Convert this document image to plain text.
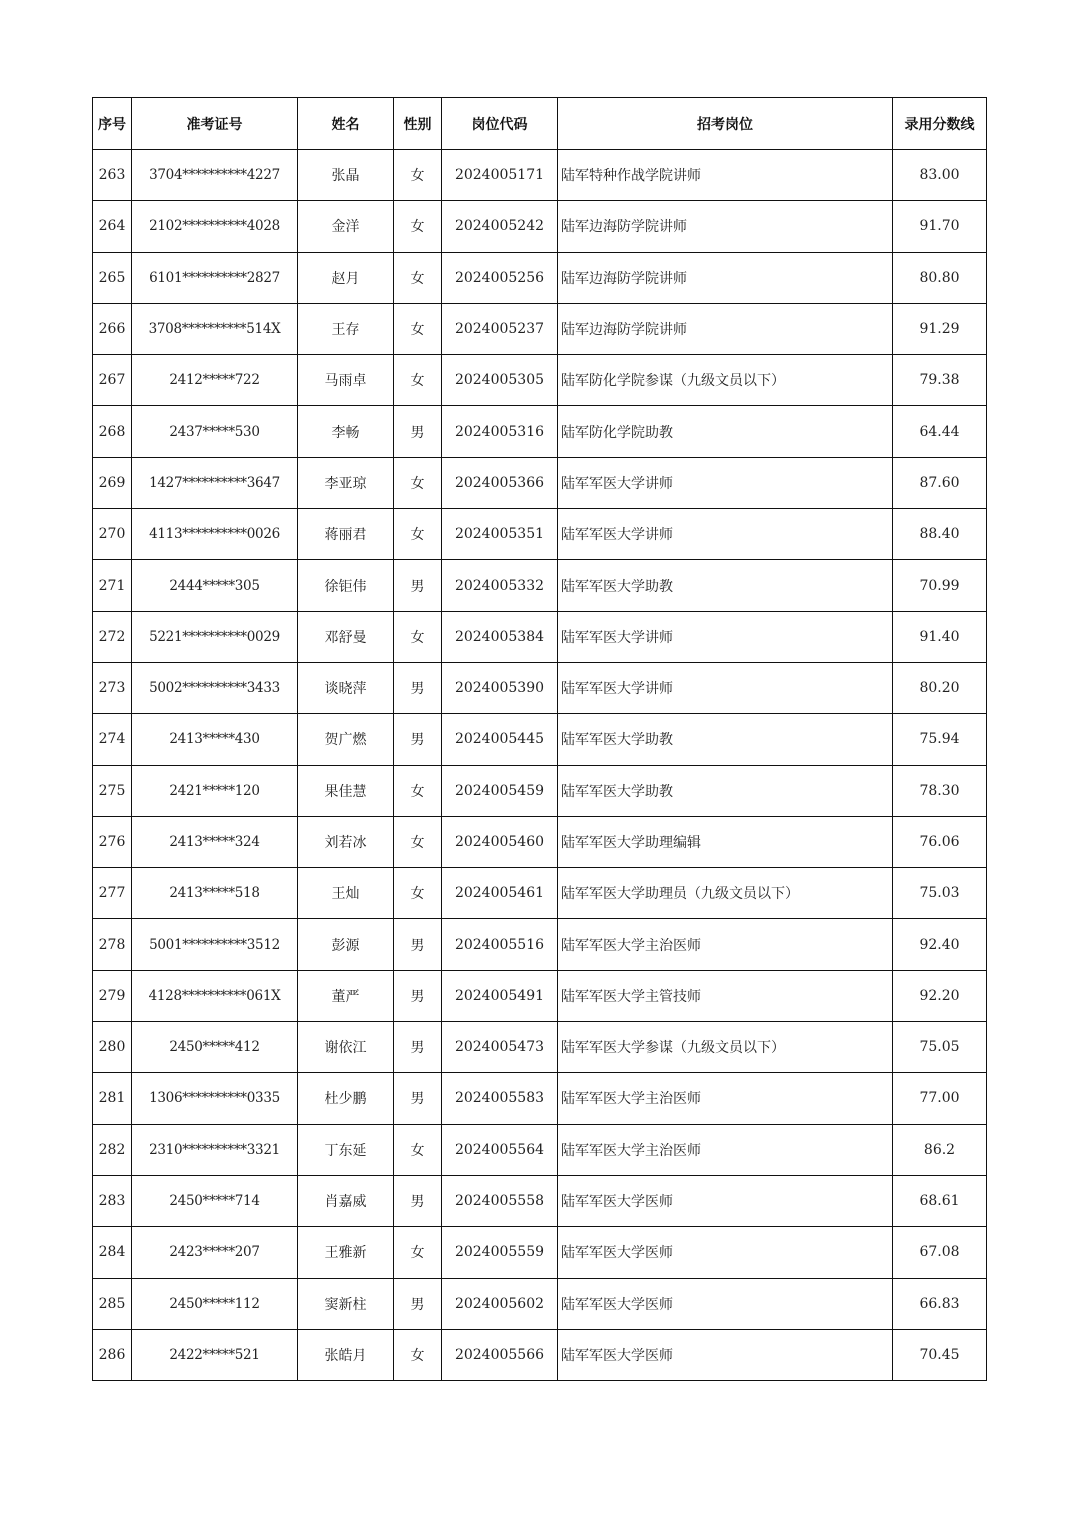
序号	准考证号	姓名	性别	岗位代码	招考岗位	录用分数线
263	3704**********4227	张晶	女	2024005171	陆军特种作战学院讲师	83.00
264	2102**********4028	金洋	女	2024005242	陆军边海防学院讲师	91.70
265	6101**********2827	赵月	女	2024005256	陆军边海防学院讲师	80.80
266	3708**********514X	王存	女	2024005237	陆军边海防学院讲师	91.29
267	2412*****722	马雨卓	女	2024005305	陆军防化学院参谋（九级文员以下）	79.38
268	2437*****530	李畅	男	2024005316	陆军防化学院助教	64.44
269	1427**********3647	李亚琼	女	2024005366	陆军军医大学讲师	87.60
270	4113**********0026	蒋丽君	女	2024005351	陆军军医大学讲师	88.40
271	2444*****305	徐钜伟	男	2024005332	陆军军医大学助教	70.99
272	5221**********0029	邓舒曼	女	2024005384	陆军军医大学讲师	91.40
273	5002**********3433	谈晓萍	男	2024005390	陆军军医大学讲师	80.20
274	2413*****430	贺广燃	男	2024005445	陆军军医大学助教	75.94
275	2421*****120	果佳慧	女	2024005459	陆军军医大学助教	78.30
276	2413*****324	刘若冰	女	2024005460	陆军军医大学助理编辑	76.06
277	2413*****518	王灿	女	2024005461	陆军军医大学助理员（九级文员以下）	75.03
278	5001**********3512	彭源	男	2024005516	陆军军医大学主治医师	92.40
279	4128**********061X	董严	男	2024005491	陆军军医大学主管技师	92.20
280	2450*****412	谢依江	男	2024005473	陆军军医大学参谋（九级文员以下）	75.05
281	1306**********0335	杜少鹏	男	2024005583	陆军军医大学主治医师	77.00
282	2310**********3321	丁东延	女	2024005564	陆军军医大学主治医师	86.2
283	2450*****714	肖嘉威	男	2024005558	陆军军医大学医师	68.61
284	2423*****207	王雅新	女	2024005559	陆军军医大学医师	67.08
285	2450*****112	窦新柱	男	2024005602	陆军军医大学医师	66.83
286	2422*****521	张皓月	女	2024005566	陆军军医大学医师	70.45
